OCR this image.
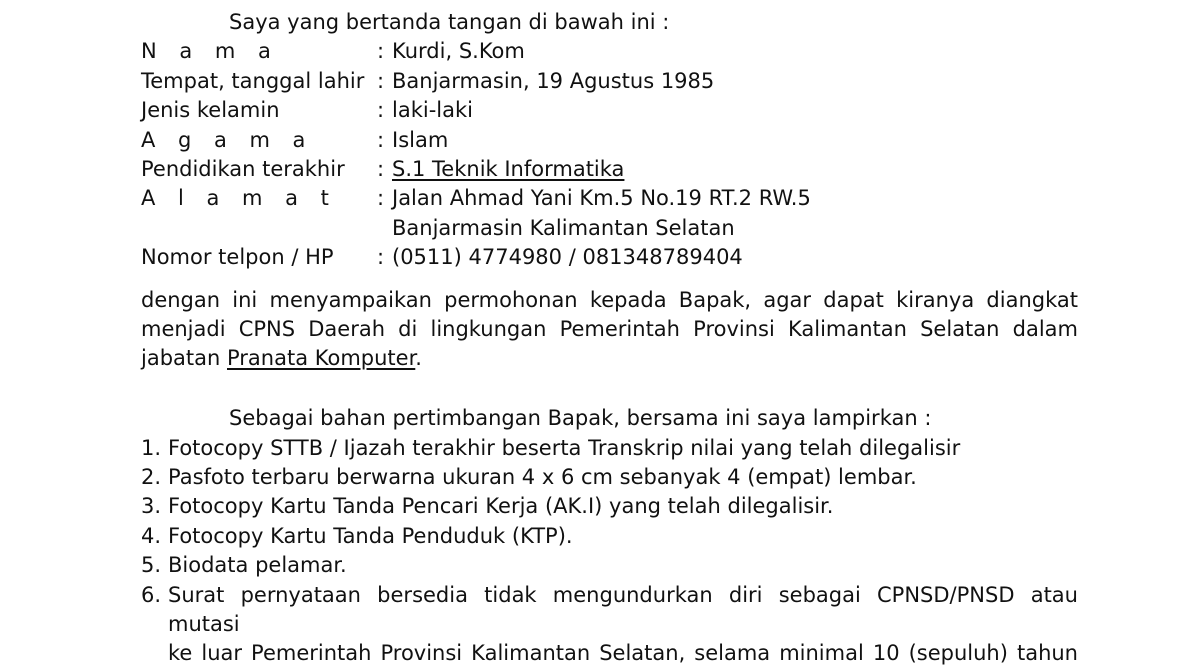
Saya yang bertanda tangan di bawah ini :
N a m a	: Kurdi, S.Kom
Tempat, tanggal lahir : Banjarmasin, 19 Agustus 1985
Jenis kelamin	: laki-laki
A g a m a	: Islam
Pendidikan terakhir	: S.1 Teknik Informatika
A l a m a t	: Jalan Ahmad Yani Km.5 No.19 RT.2 RW.5
Banjarmasin Kalimantan Selatan
Nomor telpon / HP	: (0511) 4774980 / 081348789404
dengan ini menyampaikan permohonan kepada Bapak, agar dapat kiranya diangkat
menjadi CPNS Daerah di lingkungan Pemerintah Provinsi Kalimantan Selatan dalam
jabatan Pranata Komputer.
Sebagai bahan pertimbangan Bapak, bersama ini saya lampirkan :
1. Fotocopy STTB / Ijazah terakhir beserta Transkrip nilai yang telah dilegalisir
2. Pasfoto terbaru berwarna ukuran 4 x 6 cm sebanyak 4 (empat) lembar.
3. Fotocopy Kartu Tanda Pencari Kerja (AK.I) yang telah dilegalisir.
4. Fotocopy Kartu Tanda Penduduk (KTP).
5. Biodata pelamar.
6. Surat pernyataan bersedia tidak mengundurkan diri sebagai CPNSD/PNSD atau mutasi
ke luar Pemerintah Provinsi Kalimantan Selatan, selama minimal 10 (sepuluh) tahun
